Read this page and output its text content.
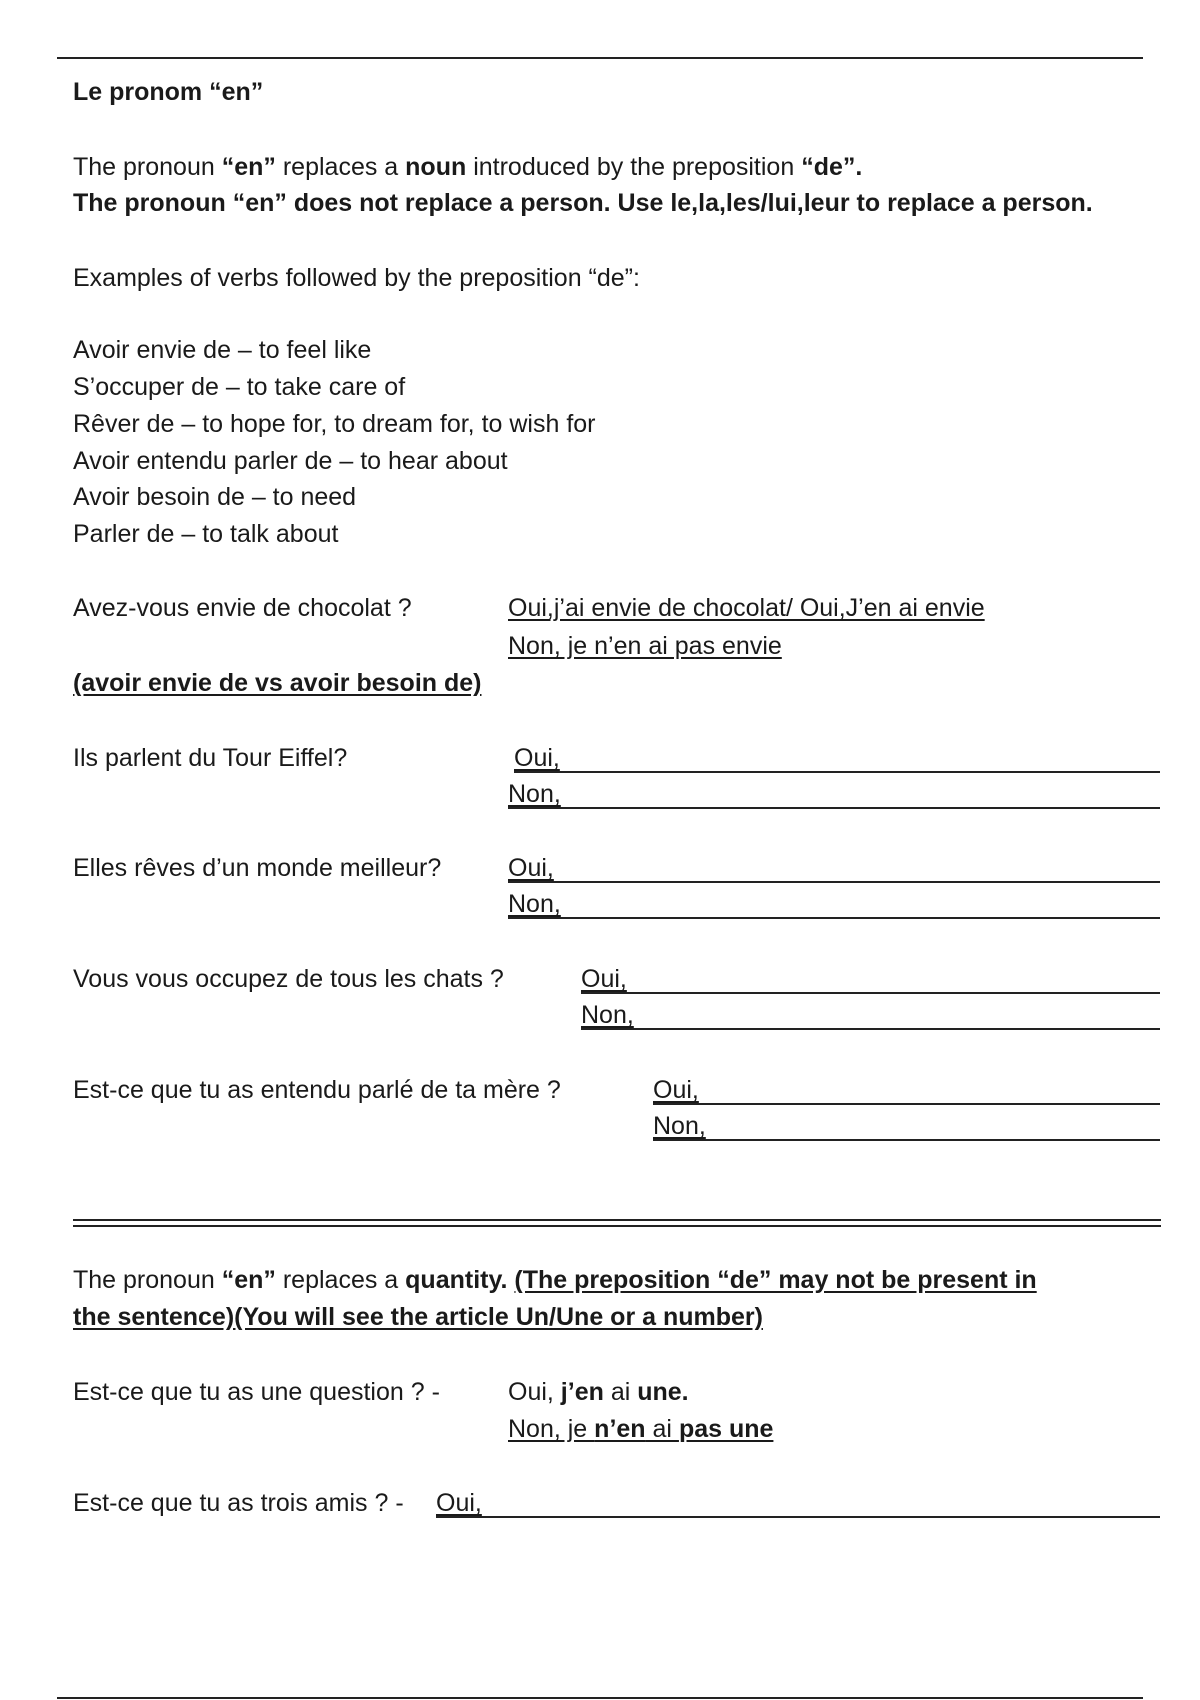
Le pronom “en”
The pronoun “en” replaces a noun introduced by the preposition “de”.
The pronoun “en” does not replace a person. Use le,la,les/lui,leur to replace a person.
Examples of verbs followed by the preposition “de”:
Avoir envie de – to feel like
S’occuper de – to take care of
Rêver de – to hope for, to dream for, to wish for
Avoir entendu parler de – to hear about
Avoir besoin de – to need
Parler de – to talk about
Avez-vous envie de chocolat ?	Oui,j’ai envie de chocolat/ Oui,J’en ai envie
Non, je n’en ai pas envie
(avoir envie de vs avoir besoin de)
Ils parlent du Tour Eiffel?	Oui,
Non,
Elles rêves d’un monde meilleur?	Oui,
Non,
Vous vous occupez de tous les chats ?	Oui,
Non,
Est-ce que tu as entendu parlé de ta mère ?	Oui,
Non,
The pronoun “en” replaces a quantity. (The preposition “de” may not be present in
the sentence)(You will see the article Un/Une or a number)
Est-ce que tu as une question ? -	Oui, j’en ai une.
Non, je n’en ai pas une
Est-ce que tu as trois amis ? - Oui,
